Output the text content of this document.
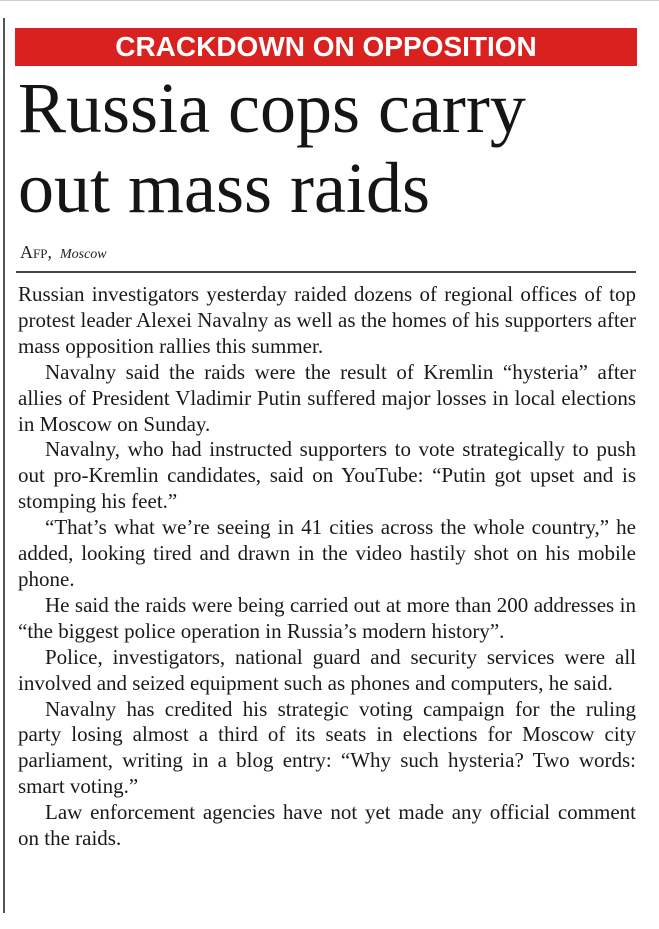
CRACKDOWN ON OPPOSITION
Russia cops carry
out mass raids
Afp, Moscow

Russian investigators yesterday raided dozens of regional offices of top protest leader Alexei Navalny as well as the homes of his supporters after mass opposition rallies this summer.

Navalny said the raids were the result of Kremlin “hysteria” after allies of President Vladimir Putin suffered major losses in local elections in Moscow on Sunday.

Navalny, who had instructed supporters to vote strategically to push out pro-Kremlin candidates, said on YouTube: “Putin got upset and is stomping his feet.”

“That’s what we’re seeing in 41 cities across the whole country,” he added, looking tired and drawn in the video hastily shot on his mobile phone.

He said the raids were being carried out at more than 200 addresses in “the biggest police operation in Russia’s modern history”.

Police, investigators, national guard and security services were all involved and seized equipment such as phones and computers, he said.

Navalny has credited his strategic voting campaign for the ruling party losing almost a third of its seats in elections for Moscow city parliament, writing in a blog entry: “Why such hysteria? Two words: smart voting.”

Law enforcement agencies have not yet made any official comment on the raids.
